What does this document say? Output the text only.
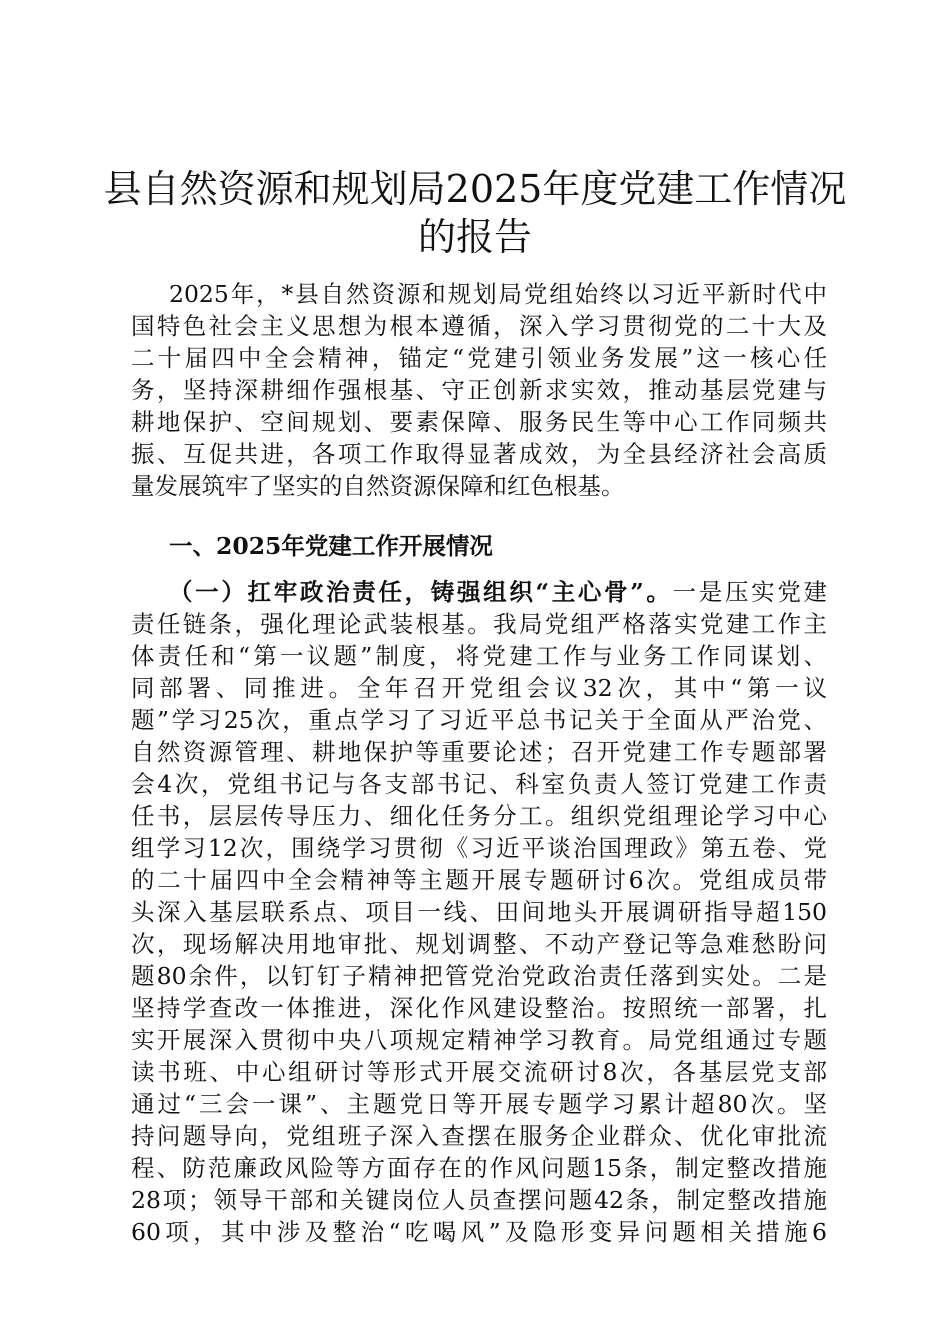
县自然资源和规划局2025年度党建工作情况
的报告
2025年，*县自然资源和规划局党组始终以习近平新时代中
国特色社会主义思想为根本遵循，深入学习贯彻党的二十大及
二十届四中全会精神，锚定“党建引领业务发展”这一核心任
务，坚持深耕细作强根基、守正创新求实效，推动基层党建与
耕地保护、空间规划、要素保障、服务民生等中心工作同频共
振、互促共进，各项工作取得显著成效，为全县经济社会高质
量发展筑牢了坚实的自然资源保障和红色根基。
一、2025年党建工作开展情况
（一）扛牢政治责任，铸强组织“主心骨”。一是压实党建
责任链条，强化理论武装根基。我局党组严格落实党建工作主
体责任和“第一议题”制度，将党建工作与业务工作同谋划、
同部署、同推进。全年召开党组会议32次，其中“第一议
题”学习25次，重点学习了习近平总书记关于全面从严治党、
自然资源管理、耕地保护等重要论述；召开党建工作专题部署
会4次，党组书记与各支部书记、科室负责人签订党建工作责
任书，层层传导压力、细化任务分工。组织党组理论学习中心
组学习12次，围绕学习贯彻《习近平谈治国理政》第五卷、党
的二十届四中全会精神等主题开展专题研讨6次。党组成员带
头深入基层联系点、项目一线、田间地头开展调研指导超150
次，现场解决用地审批、规划调整、不动产登记等急难愁盼问
题80余件，以钉钉子精神把管党治党政治责任落到实处。二是
坚持学查改一体推进，深化作风建设整治。按照统一部署，扎
实开展深入贯彻中央八项规定精神学习教育。局党组通过专题
读书班、中心组研讨等形式开展交流研讨8次，各基层党支部
通过“三会一课”、主题党日等开展专题学习累计超80次。坚
持问题导向，党组班子深入查摆在服务企业群众、优化审批流
程、防范廉政风险等方面存在的作风问题15条，制定整改措施
28项；领导干部和关键岗位人员查摆问题42条，制定整改措施
60项，其中涉及整治“吃喝风”及隐形变异问题相关措施6
